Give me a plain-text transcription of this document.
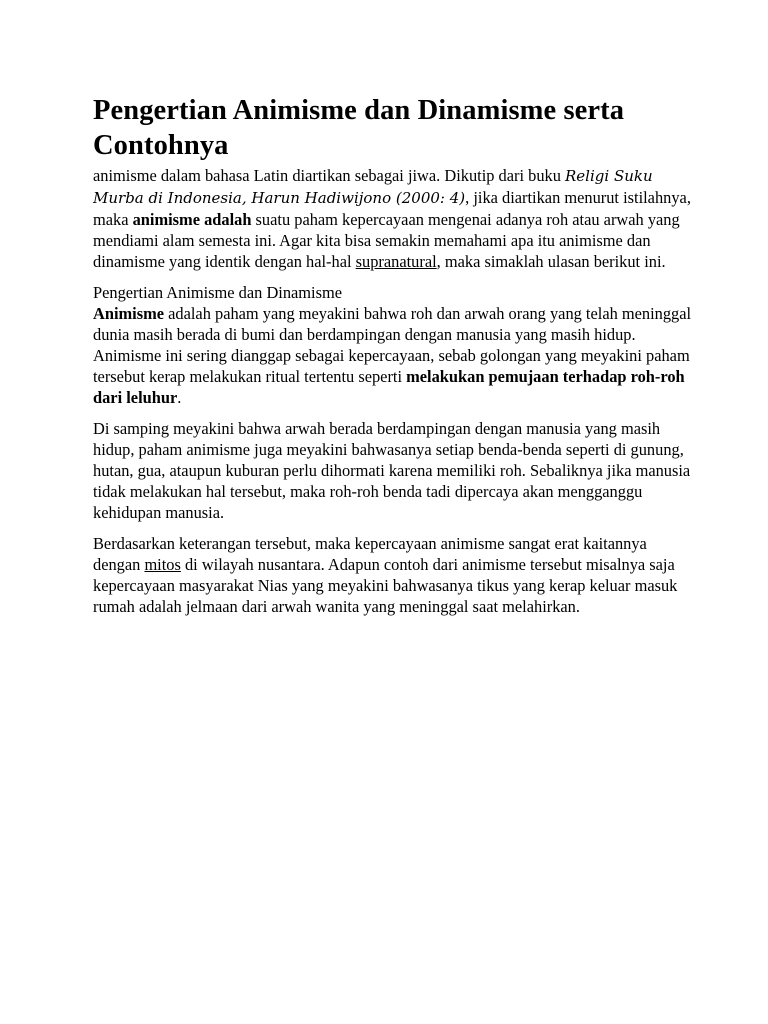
Pengertian Animisme dan Dinamisme serta Contohnya

animisme dalam bahasa Latin diartikan sebagai jiwa. Dikutip dari buku Religi Suku Murba di Indonesia, Harun Hadiwijono (2000: 4), jika diartikan menurut istilahnya, maka animisme adalah suatu paham kepercayaan mengenai adanya roh atau arwah yang mendiami alam semesta ini. Agar kita bisa semakin memahami apa itu animisme dan dinamisme yang identik dengan hal-hal supranatural, maka simaklah ulasan berikut ini.

Pengertian Animisme dan Dinamisme

Animisme adalah paham yang meyakini bahwa roh dan arwah orang yang telah meninggal dunia masih berada di bumi dan berdampingan dengan manusia yang masih hidup. Animisme ini sering dianggap sebagai kepercayaan, sebab golongan yang meyakini paham tersebut kerap melakukan ritual tertentu seperti melakukan pemujaan terhadap roh-roh dari leluhur.

Di samping meyakini bahwa arwah berada berdampingan dengan manusia yang masih hidup, paham animisme juga meyakini bahwasanya setiap benda-benda seperti di gunung, hutan, gua, ataupun kuburan perlu dihormati karena memiliki roh. Sebaliknya jika manusia tidak melakukan hal tersebut, maka roh-roh benda tadi dipercaya akan mengganggu kehidupan manusia.

Berdasarkan keterangan tersebut, maka kepercayaan animisme sangat erat kaitannya dengan mitos di wilayah nusantara. Adapun contoh dari animisme tersebut misalnya saja kepercayaan masyarakat Nias yang meyakini bahwasanya tikus yang kerap keluar masuk rumah adalah jelmaan dari arwah wanita yang meninggal saat melahirkan.
